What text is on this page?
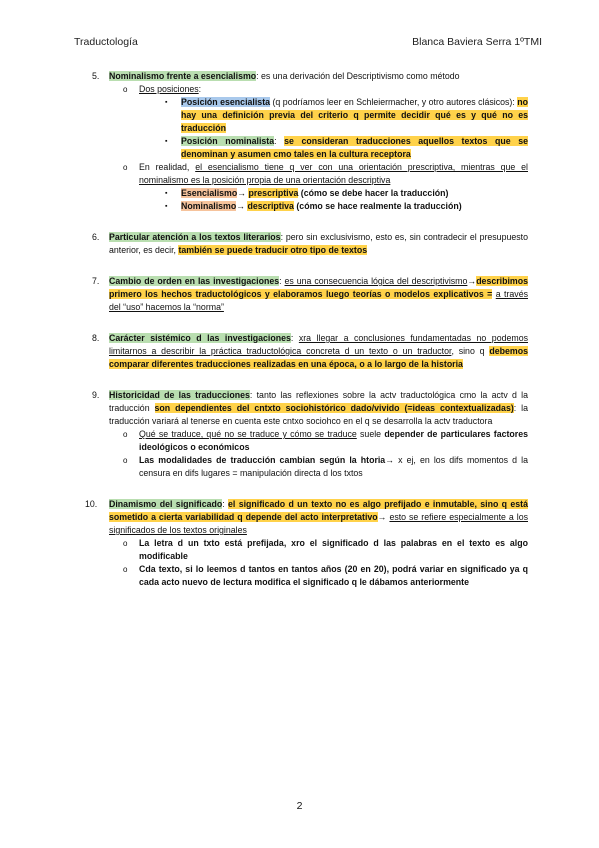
Traductología	Blanca Baviera Serra 1ºTMI
5. Nominalismo frente a esencialismo: es una derivación del Descriptivismo como método
o Dos posiciones:
▪ Posición esencialista (q podríamos leer en Schleiermacher, y otro autores clásicos): no hay una definición previa del criterio q permite decidir qué es y qué no es traducción
▪ Posición nominalista: se consideran traducciones aquellos textos que se denominan y asumen cmo tales en la cultura receptora
o En realidad, el esencialismo tiene q ver con una orientación prescriptiva, mientras que el nominalismo es la posición propia de una orientación descriptiva
▪ Esencialismo→ prescriptiva (cómo se debe hacer la traducción)
▪ Nominalismo→ descriptiva (cómo se hace realmente la traducción)
6. Particular atención a los textos literarios: pero sin exclusivismo, esto es, sin contradecir el presupuesto anterior, es decir, también se puede traducir otro tipo de textos
7. Cambio de orden en las investigaciones: es una consecuencia lógica del descriptivismo→describimos primero los hechos traductológicos y elaboramos luego teorías o modelos explicativos = a través del “uso” hacemos la “norma”
8. Carácter sistémico d las investigaciones: xra llegar a conclusiones fundamentadas no podemos limitarnos a describir la práctica traductológica concreta d un texto o un traductor, sino q debemos comparar diferentes traducciones realizadas en una época, o a lo largo de la historia
9. Historicidad de las traducciones: tanto las reflexiones sobre la actv traductológica cmo la actv d la traducción son dependientes del cntxto sociohistórico dado/vivido (=ideas contextualizadas): la traducción variará al tenerse en cuenta este cntxo sociohco en el q se desarrolla la actv traductora
o Qué se traduce, qué no se traduce y cómo se traduce suele depender de particulares factores ideológicos o económicos
o Las modalidades de traducción cambian según la htoria→ x ej, en los difs momentos d la censura en difs lugares = manipulación directa d los txtos
10. Dinamismo del significado: el significado d un texto no es algo prefijado e inmutable, sino q está sometido a cierta variabilidad q depende del acto interpretativo→ esto se refiere especialmente a los significados de los textos originales
o La letra d un txto está prefijada, xro el significado d las palabras en el texto es algo modificable
o Cda texto, si lo leemos d tantos en tantos años (20 en 20), podrá variar en significado ya q cada acto nuevo de lectura modifica el significado q le dábamos anteriormente
2
